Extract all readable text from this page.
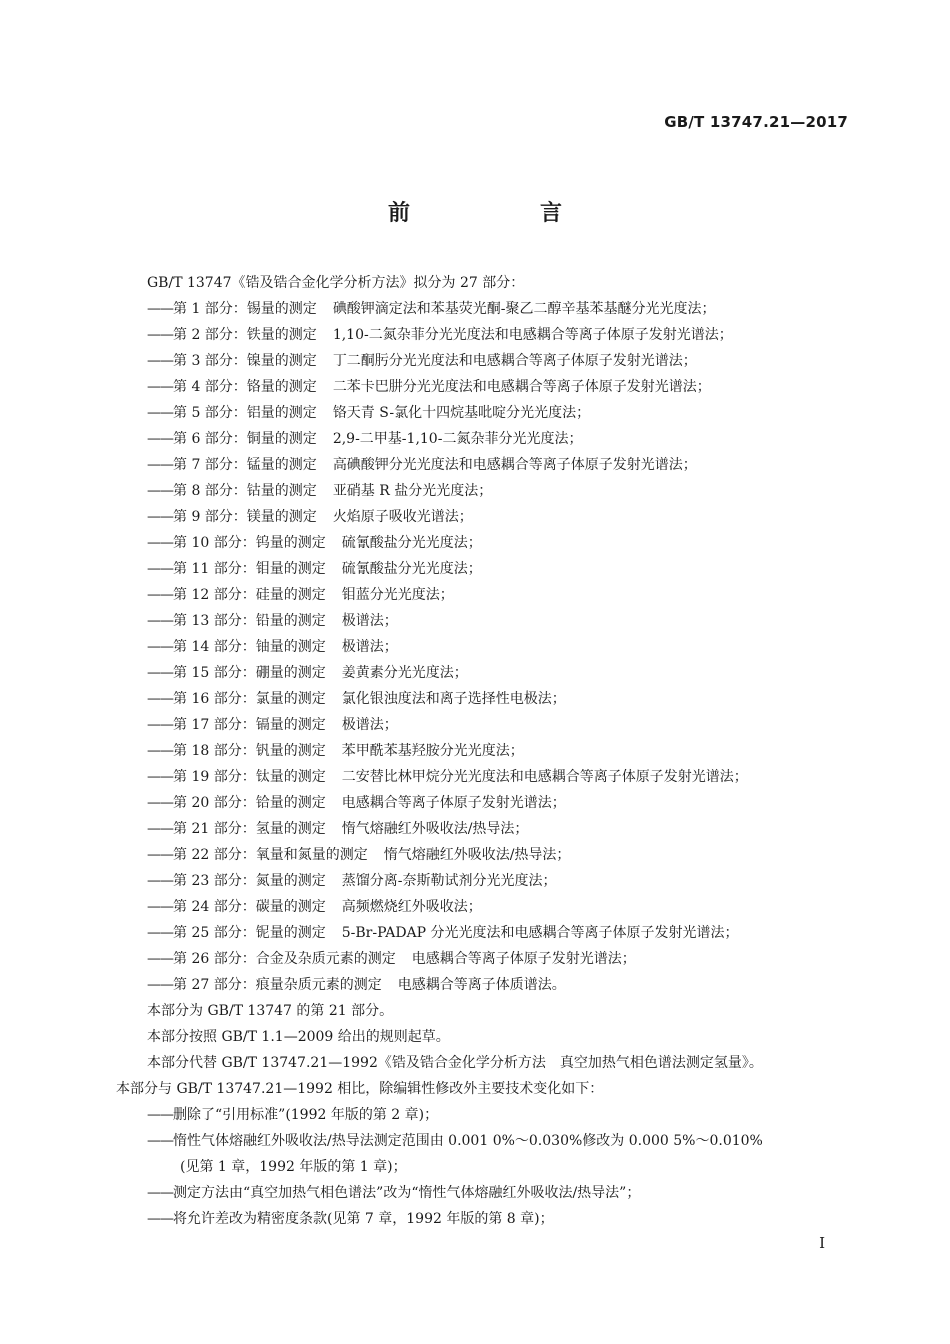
GB/T 13747.21—2017
前　言
GB/T 13747《锆及锆合金化学分析方法》拟分为 27 部分：
——第 1 部分：锡量的测定 碘酸钾滴定法和苯基荧光酮-聚乙二醇辛基苯基醚分光光度法；
——第 2 部分：铁量的测定 1,10-二氮杂菲分光光度法和电感耦合等离子体原子发射光谱法；
——第 3 部分：镍量的测定 丁二酮肟分光光度法和电感耦合等离子体原子发射光谱法；
——第 4 部分：铬量的测定 二苯卡巴肼分光光度法和电感耦合等离子体原子发射光谱法；
——第 5 部分：铝量的测定 铬天青 S-氯化十四烷基吡啶分光光度法；
——第 6 部分：铜量的测定 2,9-二甲基-1,10-二氮杂菲分光光度法；
——第 7 部分：锰量的测定 高碘酸钾分光光度法和电感耦合等离子体原子发射光谱法；
——第 8 部分：钴量的测定 亚硝基 R 盐分光光度法；
——第 9 部分：镁量的测定 火焰原子吸收光谱法；
——第 10 部分：钨量的测定 硫氰酸盐分光光度法；
——第 11 部分：钼量的测定 硫氰酸盐分光光度法；
——第 12 部分：硅量的测定 钼蓝分光光度法；
——第 13 部分：铅量的测定 极谱法；
——第 14 部分：铀量的测定 极谱法；
——第 15 部分：硼量的测定 姜黄素分光光度法；
——第 16 部分：氯量的测定 氯化银浊度法和离子选择性电极法；
——第 17 部分：镉量的测定 极谱法；
——第 18 部分：钒量的测定 苯甲酰苯基羟胺分光光度法；
——第 19 部分：钛量的测定 二安替比林甲烷分光光度法和电感耦合等离子体原子发射光谱法；
——第 20 部分：铪量的测定 电感耦合等离子体原子发射光谱法；
——第 21 部分：氢量的测定 惰气熔融红外吸收法/热导法；
——第 22 部分：氧量和氮量的测定 惰气熔融红外吸收法/热导法；
——第 23 部分：氮量的测定 蒸馏分离-奈斯勒试剂分光光度法；
——第 24 部分：碳量的测定 高频燃烧红外吸收法；
——第 25 部分：铌量的测定 5-Br-PADAP 分光光度法和电感耦合等离子体原子发射光谱法；
——第 26 部分：合金及杂质元素的测定 电感耦合等离子体原子发射光谱法；
——第 27 部分：痕量杂质元素的测定 电感耦合等离子体质谱法。
本部分为 GB/T 13747 的第 21 部分。
本部分按照 GB/T 1.1—2009 给出的规则起草。
本部分代替 GB/T 13747.21—1992《锆及锆合金化学分析方法　真空加热气相色谱法测定氢量》。
本部分与 GB/T 13747.21—1992 相比，除编辑性修改外主要技术变化如下：
——删除了“引用标准”(1992 年版的第 2 章)；
——惰性气体熔融红外吸收法/热导法测定范围由 0.001 0%～0.030%修改为 0.000 5%～0.010%
(见第 1 章，1992 年版的第 1 章)；
——测定方法由“真空加热气相色谱法”改为“惰性气体熔融红外吸收法/热导法”；
——将允许差改为精密度条款(见第 7 章，1992 年版的第 8 章)；
I
